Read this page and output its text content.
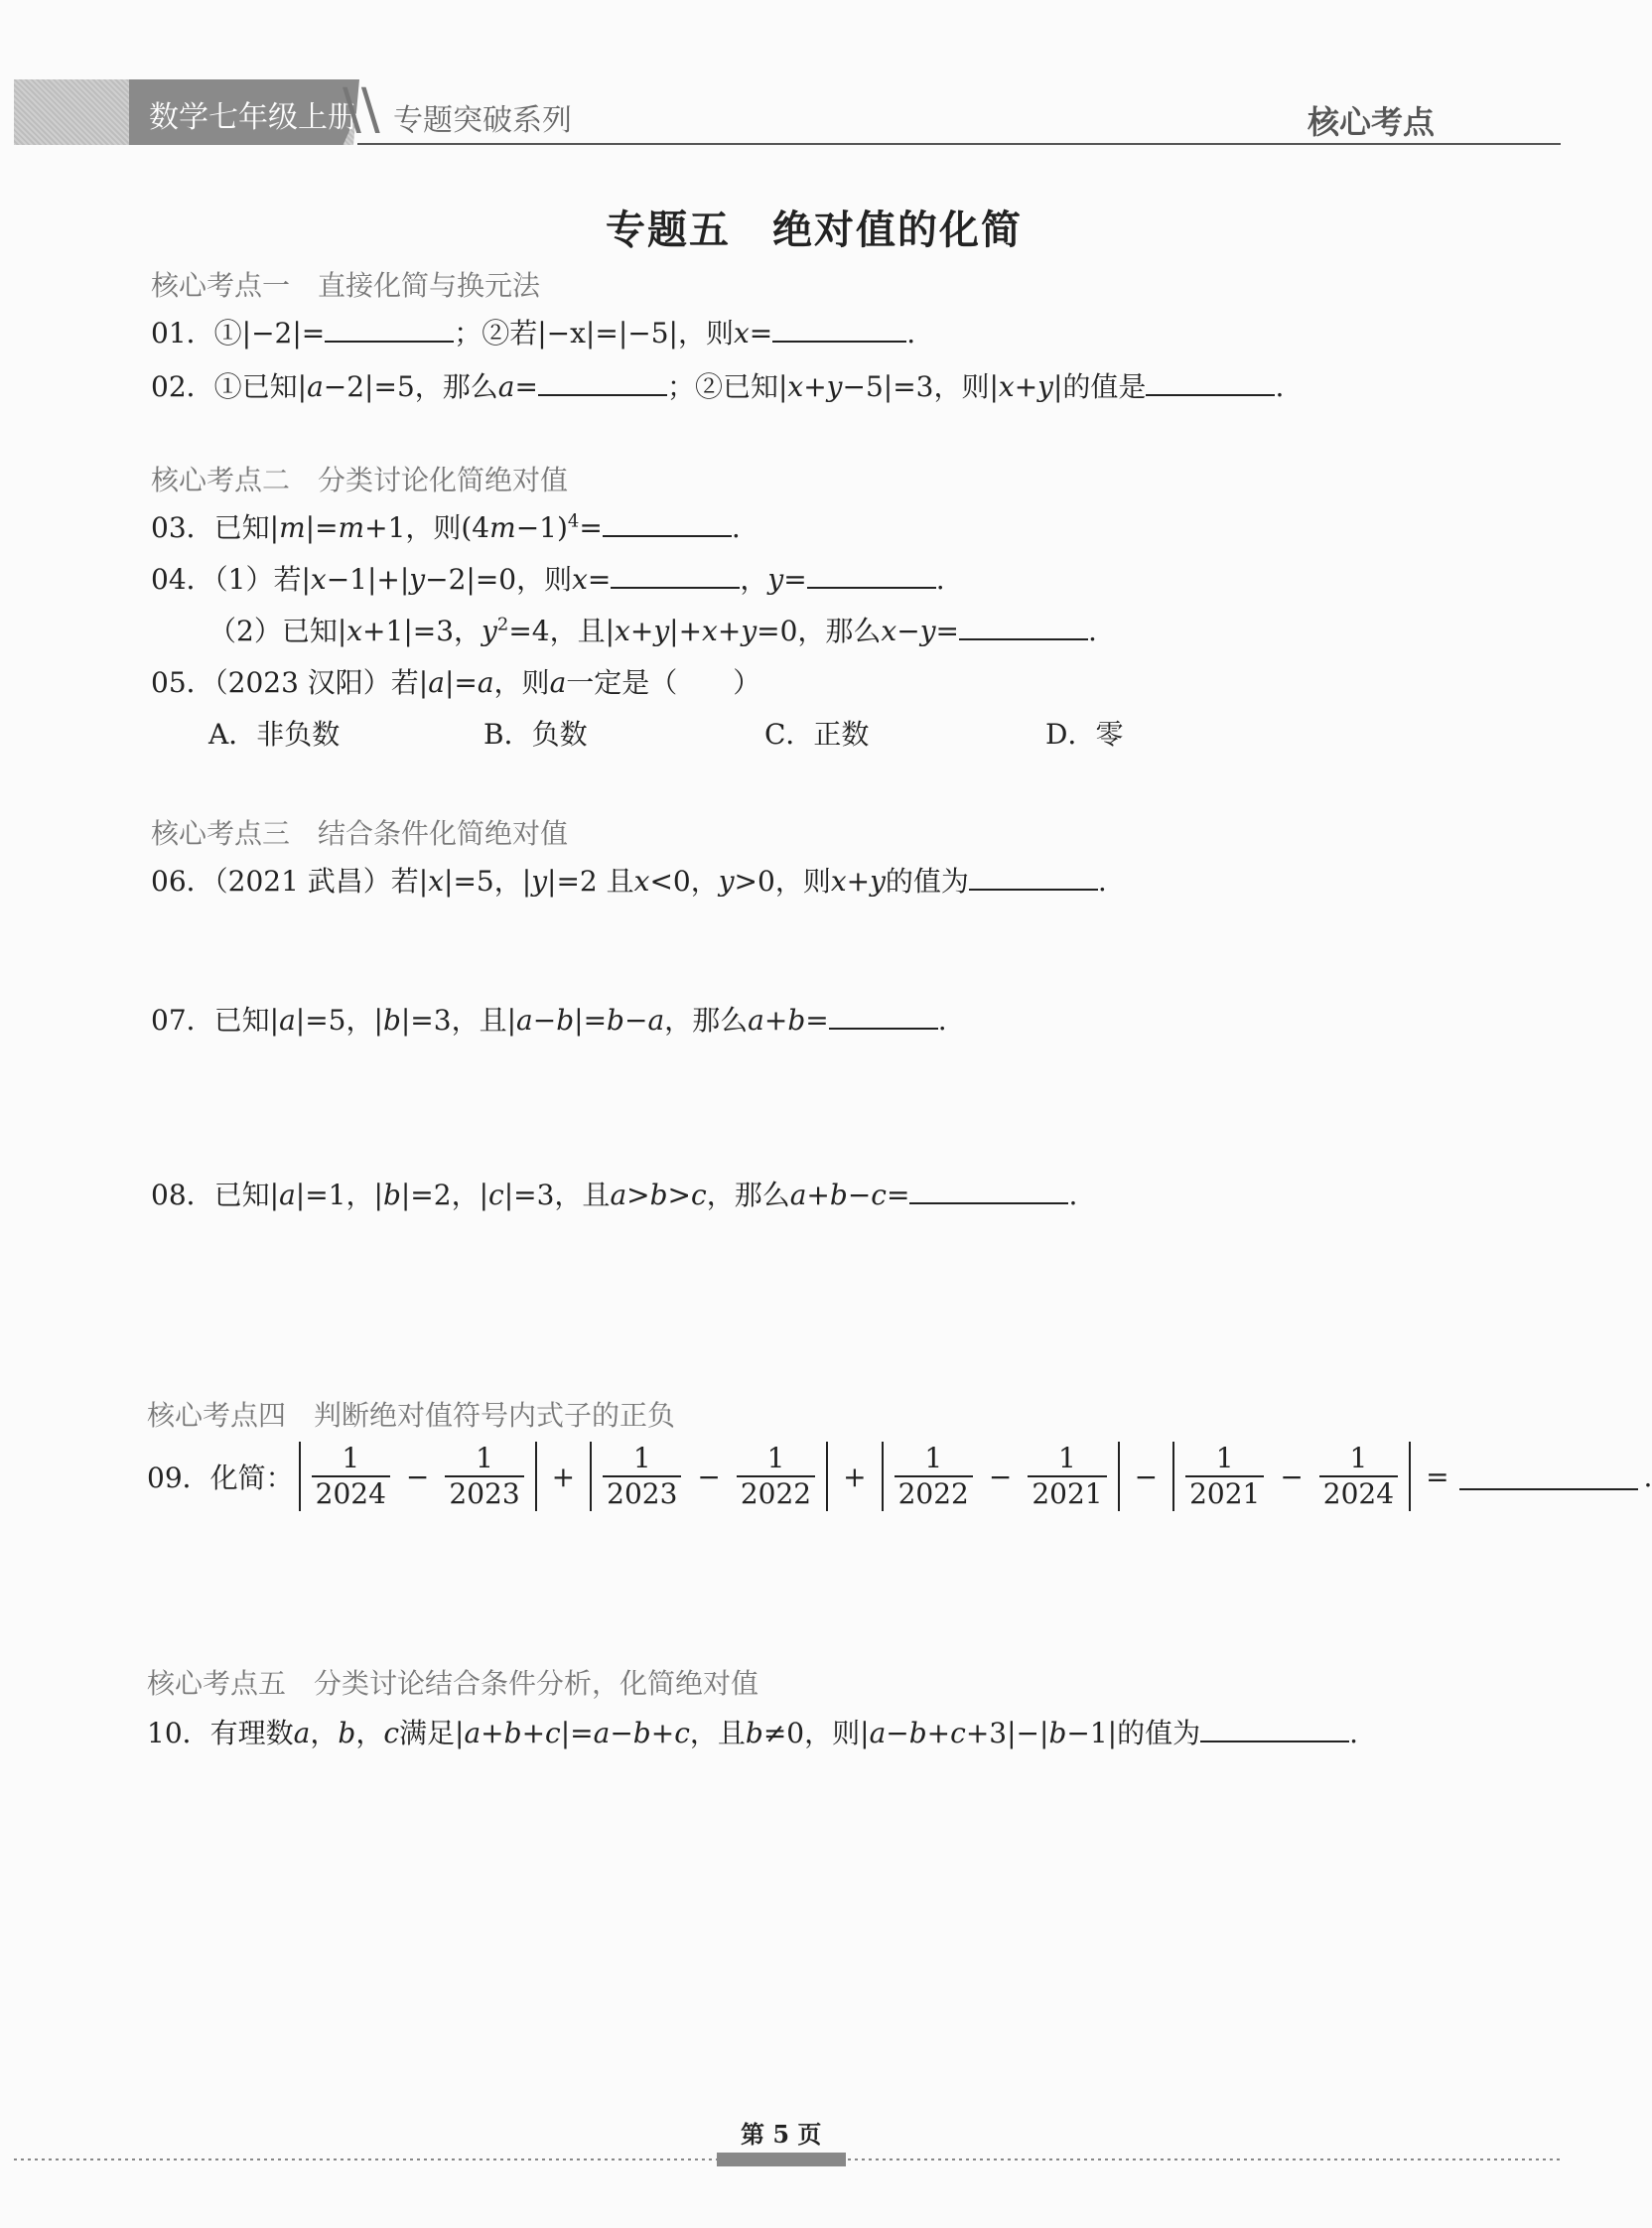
数学七年级上册
\\ 专题突破系列	核心考点
专题五　绝对值的化简
核心考点一　直接化简与换元法
01．①|−2|=	；②若|−x|=|−5|，则x=	.
02．①已知|a−2|=5，那么a=	；②已知|x+y−5|=3，则|x+y|的值是	.
核心考点二　分类讨论化简绝对值
03．已知|m|=m+1，则$(4m-1)^4=$	.
04．（1）若|x−1|+|y−2|=0，则x=	，y=	.
（2）已知|x+1|=3，$y^2=4$，且|x+y|+x+y=0，那么x−y=	.
05．（2023 汉阳）若|a|=a，则a一定是（　　）
A．非负数	B．负数	C．正数	D．零
核心考点三　结合条件化简绝对值
06．（2021 武昌）若|x|=5，|y|=2 且x<0，y>0，则x+y的值为	.
07．已知|a|=5，|b|=3，且|a−b|=b−a，那么a+b=	.
08．已知|a|=1，|b|=2，|c|=3，且a>b>c，那么a+b−c=	.
核心考点四　判断绝对值符号内式子的正负
09． 化简： $\frac{1}{2024} - \frac{1}{2023} + \frac{1}{2023} - \frac{1}{2022} + \frac{1}{2022} - \frac{1}{2021} - \frac{1}{2021} - \frac{1}{2024}$ =	.
核心考点五　分类讨论结合条件分析，化简绝对值
10．有理数a，b，c满足|a+b+c|=a−b+c，且b≠0，则|a−b+c+3|−|b−1|的值为	.
第 5 页
